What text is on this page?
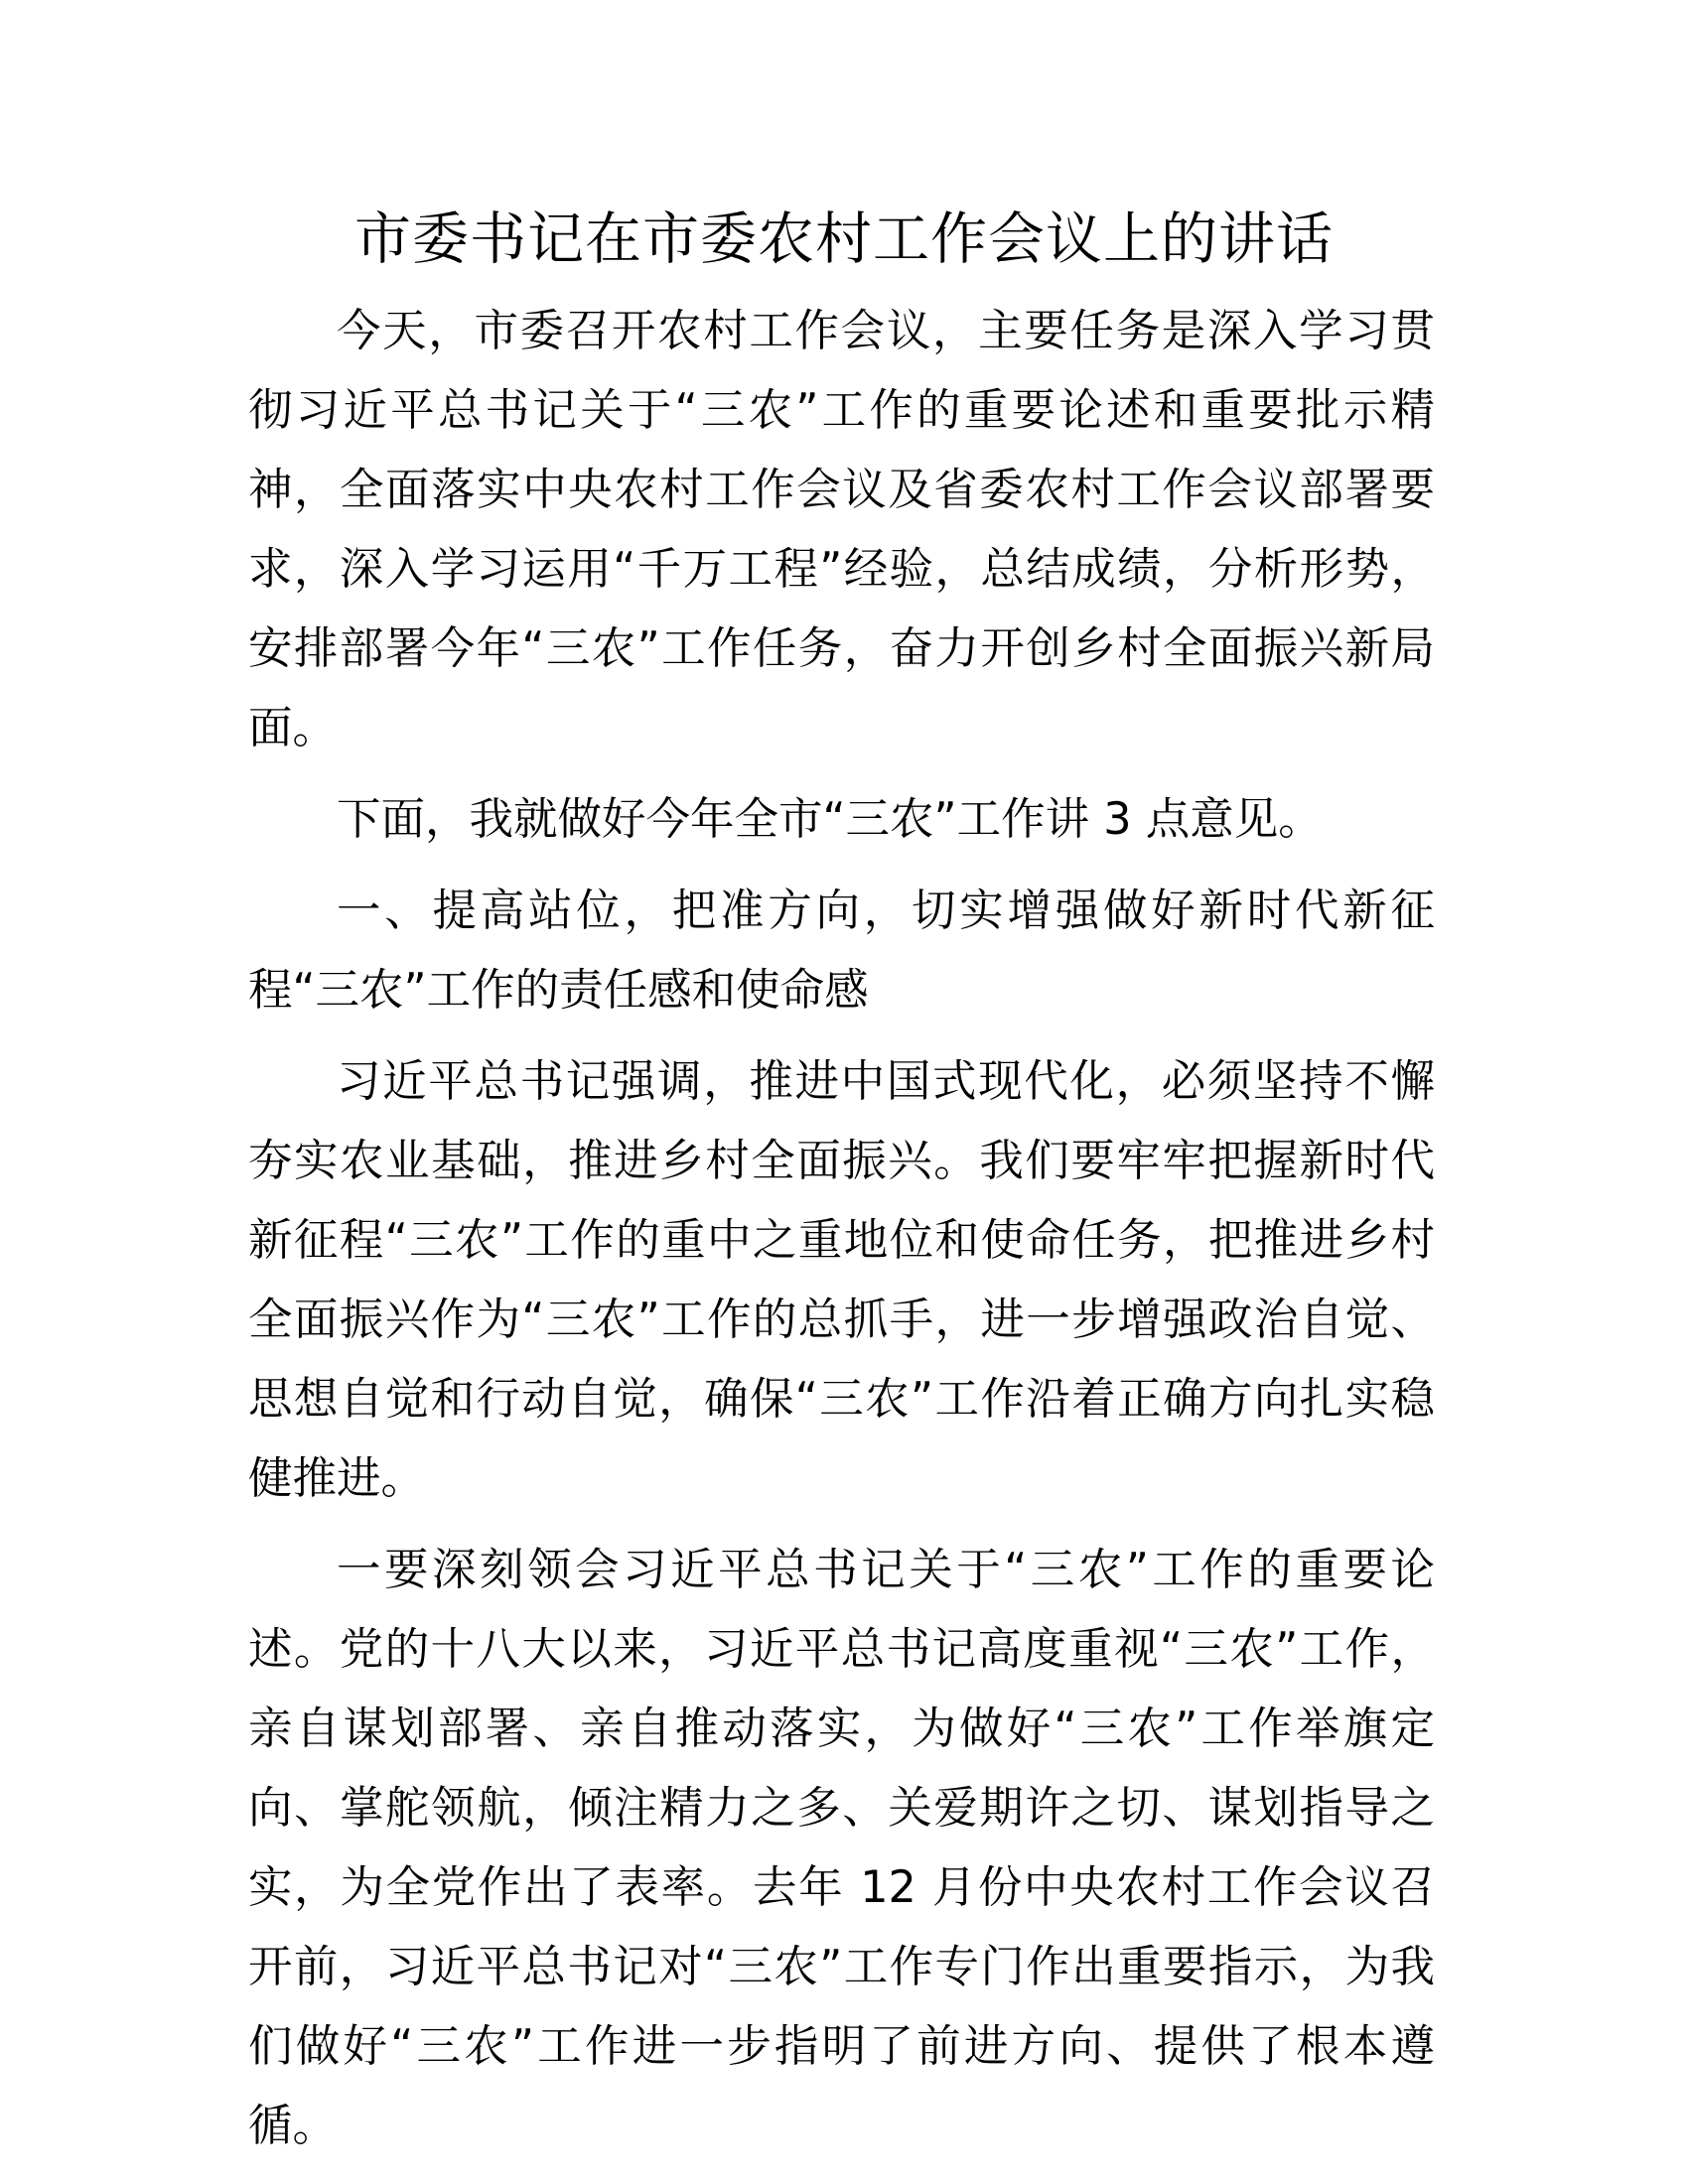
市委书记在市委农村工作会议上的讲话

今天，市委召开农村工作会议，主要任务是深入学习贯彻习近平总书记关于“三农”工作的重要论述和重要批示精神，全面落实中央农村工作会议及省委农村工作会议部署要求，深入学习运用“千万工程”经验，总结成绩，分析形势，安排部署今年“三农”工作任务，奋力开创乡村全面振兴新局面。

下面，我就做好今年全市“三农”工作讲 3 点意见。

一、提高站位，把准方向，切实增强做好新时代新征程“三农”工作的责任感和使命感

习近平总书记强调，推进中国式现代化，必须坚持不懈夯实农业基础，推进乡村全面振兴。我们要牢牢把握新时代新征程“三农”工作的重中之重地位和使命任务，把推进乡村全面振兴作为“三农”工作的总抓手，进一步增强政治自觉、思想自觉和行动自觉，确保“三农”工作沿着正确方向扎实稳健推进。

一要深刻领会习近平总书记关于“三农”工作的重要论述。党的十八大以来，习近平总书记高度重视“三农”工作，亲自谋划部署、亲自推动落实，为做好“三农”工作举旗定向、掌舵领航，倾注精力之多、关爱期许之切、谋划指导之实，为全党作出了表率。去年 12 月份中央农村工作会议召开前，习近平总书记对“三农”工作专门作出重要指示，为我们做好“三农”工作进一步指明了前进方向、提供了根本遵循。
